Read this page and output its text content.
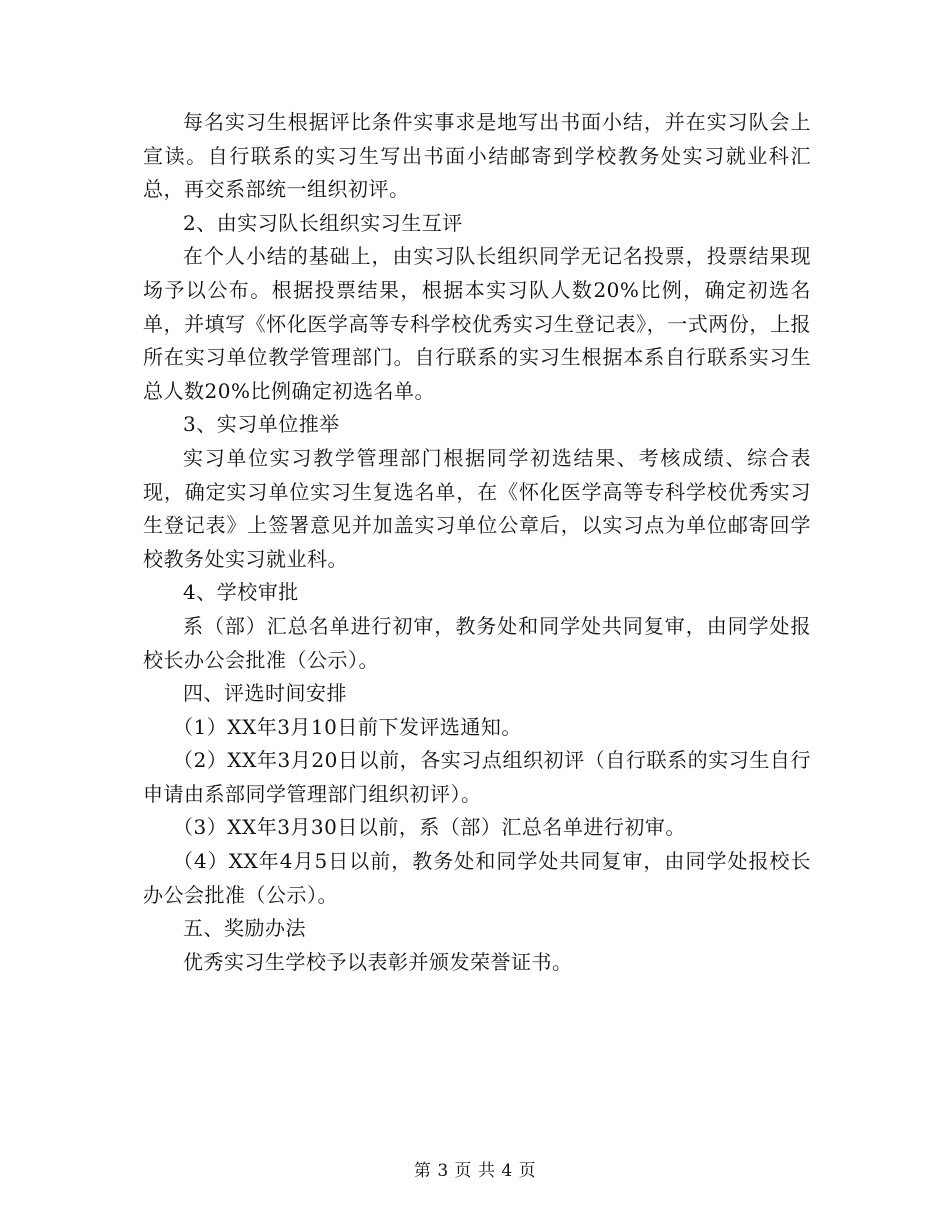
每名实习生根据评比条件实事求是地写出书面小结，并在实习队会上宣读。自行联系的实习生写出书面小结邮寄到学校教务处实习就业科汇总，再交系部统一组织初评。

2、由实习队长组织实习生互评

在个人小结的基础上，由实习队长组织同学无记名投票，投票结果现场予以公布。根据投票结果，根据本实习队人数20%比例，确定初选名单，并填写《怀化医学高等专科学校优秀实习生登记表》，一式两份，上报所在实习单位教学管理部门。自行联系的实习生根据本系自行联系实习生总人数20%比例确定初选名单。

3、实习单位推举

实习单位实习教学管理部门根据同学初选结果、考核成绩、综合表现，确定实习单位实习生复选名单，在《怀化医学高等专科学校优秀实习生登记表》上签署意见并加盖实习单位公章后，以实习点为单位邮寄回学校教务处实习就业科。

4、学校审批

系（部）汇总名单进行初审，教务处和同学处共同复审，由同学处报校长办公会批准（公示）。

四、评选时间安排

（1）XX年3月10日前下发评选通知。

（2）XX年3月20日以前，各实习点组织初评（自行联系的实习生自行申请由系部同学管理部门组织初评）。

（3）XX年3月30日以前，系（部）汇总名单进行初审。

（4）XX年4月5日以前，教务处和同学处共同复审，由同学处报校长办公会批准（公示）。

五、奖励办法

优秀实习生学校予以表彰并颁发荣誉证书。

第 3 页 共 4 页
